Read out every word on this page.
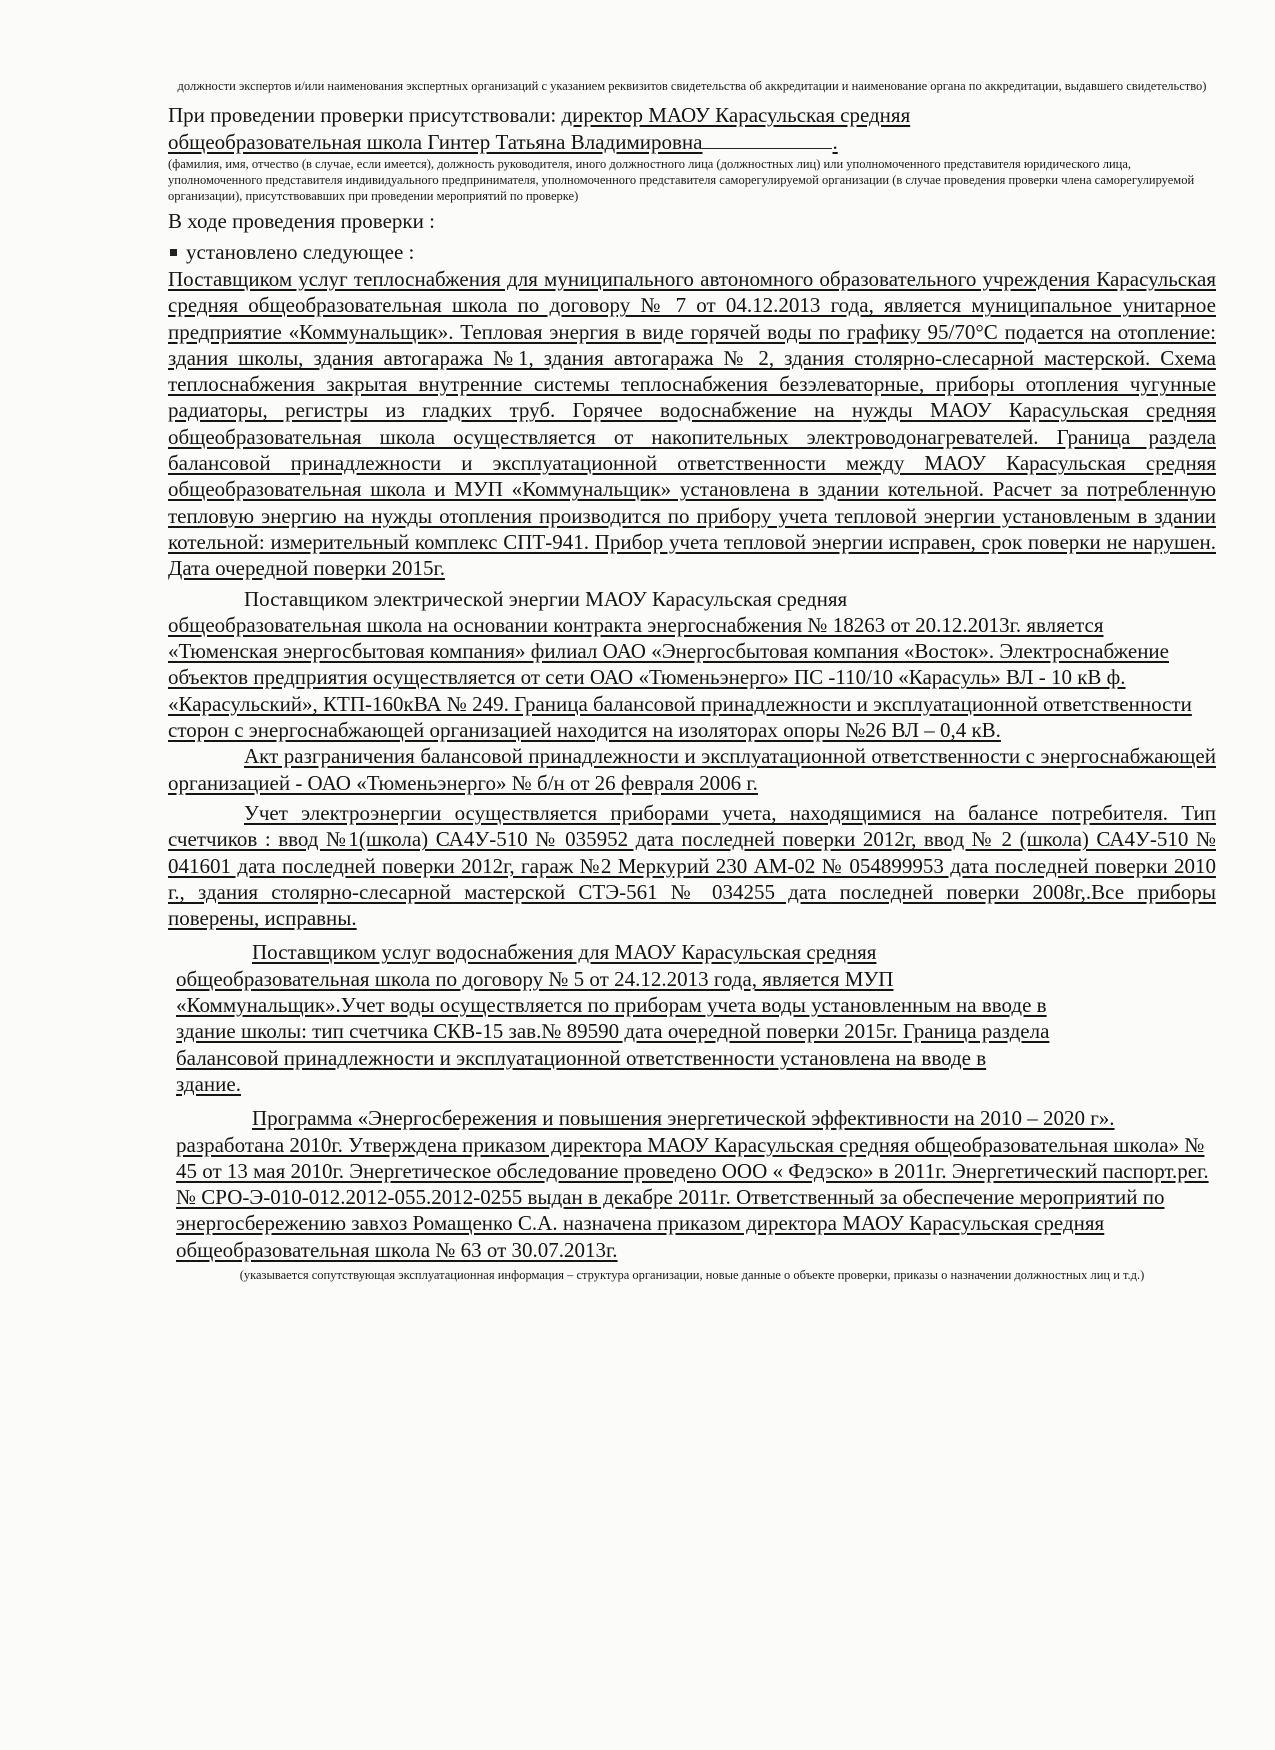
должности экспертов и/или наименования экспертных организаций с указанием реквизитов свидетельства об аккредитации и наименование органа по аккредитации, выдавшего свидетельство)
При проведении проверки присутствовали: директор МАОУ Карасульская средняя
общеобразовательная школа Гинтер Татьяна Владимировна	.
(фамилия, имя, отчество (в случае, если имеется), должность руководителя, иного должностного лица (должностных лиц) или уполномоченного представителя юридического лица, уполномоченного представителя индивидуального предпринимателя, уполномоченного представителя саморегулируемой организации (в случае проведения проверки члена саморегулируемой организации), присутствовавших при проведении мероприятий по проверке)
В ходе проведения проверки :
установлено следующее :

Поставщиком услуг теплоснабжения для муниципального автономного образовательного учреждения Карасульская средняя общеобразовательная школа по договору № 7 от 04.12.2013 года, является муниципальное унитарное предприятие «Коммунальщик». Тепловая энергия в виде горячей воды по графику 95/70°С подается на отопление: здания школы, здания автогаража №1, здания автогаража № 2, здания столярно-слесарной мастерской. Схема теплоснабжения закрытая внутренние системы теплоснабжения безэлеваторные, приборы отопления чугунные радиаторы, регистры из гладких труб. Горячее водоснабжение на нужды МАОУ Карасульская средняя общеобразовательная школа осуществляется от накопительных электроводонагревателей. Граница раздела балансовой принадлежности и эксплуатационной ответственности между МАОУ Карасульская средняя общеобразовательная школа и МУП «Коммунальщик» установлена в здании котельной. Расчет за потребленную тепловую энергию на нужды отопления производится по прибору учета тепловой энергии установленым в здании котельной: измерительный комплекс СПТ-941. Прибор учета тепловой энергии исправен, срок поверки не нарушен. Дата очередной поверки 2015г.

Поставщиком электрической энергии МАОУ Карасульская средняя

общеобразовательная школа на основании контракта энергоснабжения № 18263 от 20.12.2013г. является «Тюменская энергосбытовая компания» филиал ОАО «Энергосбытовая компания «Восток». Электроснабжение объектов предприятия осуществляется от сети ОАО «Тюменьэнерго» ПС -110/10 «Карасуль» ВЛ - 10 кВ ф. «Карасульский», КТП-160кВА № 249. Граница балансовой принадлежности и эксплуатационной ответственности сторон с энергоснабжающей организацией находится на изоляторах опоры №26 ВЛ – 0,4 кВ.

Акт разграничения балансовой принадлежности и эксплуатационной ответственности с энергоснабжающей организацией - ОАО «Тюменьэнерго» № б/н от 26 февраля 2006 г.

Учет электроэнергии осуществляется приборами учета, находящимися на балансе потребителя. Тип счетчиков : ввод №1(школа) СА4У-510 № 035952 дата последней поверки 2012г, ввод № 2 (школа) СА4У-510 № 041601 дата последней поверки 2012г, гараж №2 Меркурий 230 АМ-02 № 054899953 дата последней поверки 2010 г., здания столярно-слесарной мастерской СТЭ-561 № 034255 дата последней поверки 2008г,.Все приборы поверены, исправны.

Поставщиком услуг водоснабжения для МАОУ Карасульская средняя

общеобразовательная школа по договору № 5 от 24.12.2013 года, является МУП «Коммунальщик».Учет воды осуществляется по приборам учета воды установленным на вводе в здание школы: тип счетчика СКВ-15 зав.№ 89590 дата очередной поверки 2015г. Граница раздела балансовой принадлежности и эксплуатационной ответственности установлена на вводе в здание.

Программа «Энергосбережения и повышения энергетической эффективности на 2010 – 2020 г». разработана 2010г. Утверждена приказом директора МАОУ Карасульская средняя общеобразовательная школа» № 45 от 13 мая 2010г. Энергетическое обследование проведено ООО « Федэско» в 2011г. Энергетический паспорт.рег. № СРО-Э-010-012.2012-055.2012-0255 выдан в декабре 2011г. Ответственный за обеспечение мероприятий по энергосбережению завхоз Ромащенко С.А. назначена приказом директора МАОУ Карасульская средняя общеобразовательная школа № 63 от 30.07.2013г.

(указывается сопутствующая эксплуатационная информация – структура организации, новые данные о объекте проверки, приказы о назначении должностных лиц и т.д.)
